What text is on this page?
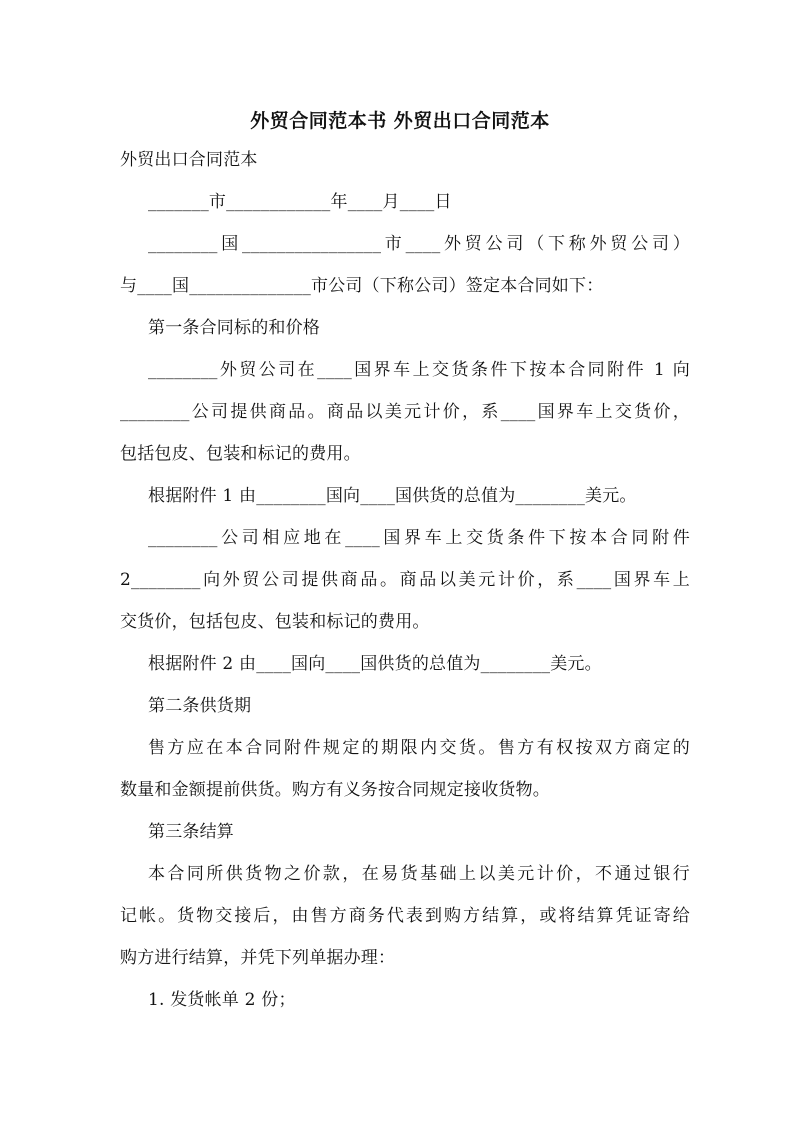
外贸合同范本书 外贸出口合同范本
外贸出口合同范本
_______市____________年____月____日
________国________________市____外贸公司（下称外贸公司）
与____国______________市公司（下称公司）签定本合同如下：
第一条合同标的和价格
________外贸公司在____国界车上交货条件下按本合同附件 1 向
________公司提供商品。商品以美元计价，系____国界车上交货价，
包括包皮、包装和标记的费用。
根据附件 1 由________国向____国供货的总值为________美元。
________公司相应地在____国界车上交货条件下按本合同附件
2________向外贸公司提供商品。商品以美元计价，系____国界车上
交货价，包括包皮、包装和标记的费用。
根据附件 2 由____国向____国供货的总值为________美元。
第二条供货期
售方应在本合同附件规定的期限内交货。售方有权按双方商定的
数量和金额提前供货。购方有义务按合同规定接收货物。
第三条结算
本合同所供货物之价款，在易货基础上以美元计价，不通过银行
记帐。货物交接后，由售方商务代表到购方结算，或将结算凭证寄给
购方进行结算，并凭下列单据办理：
1. 发货帐单 2 份；
